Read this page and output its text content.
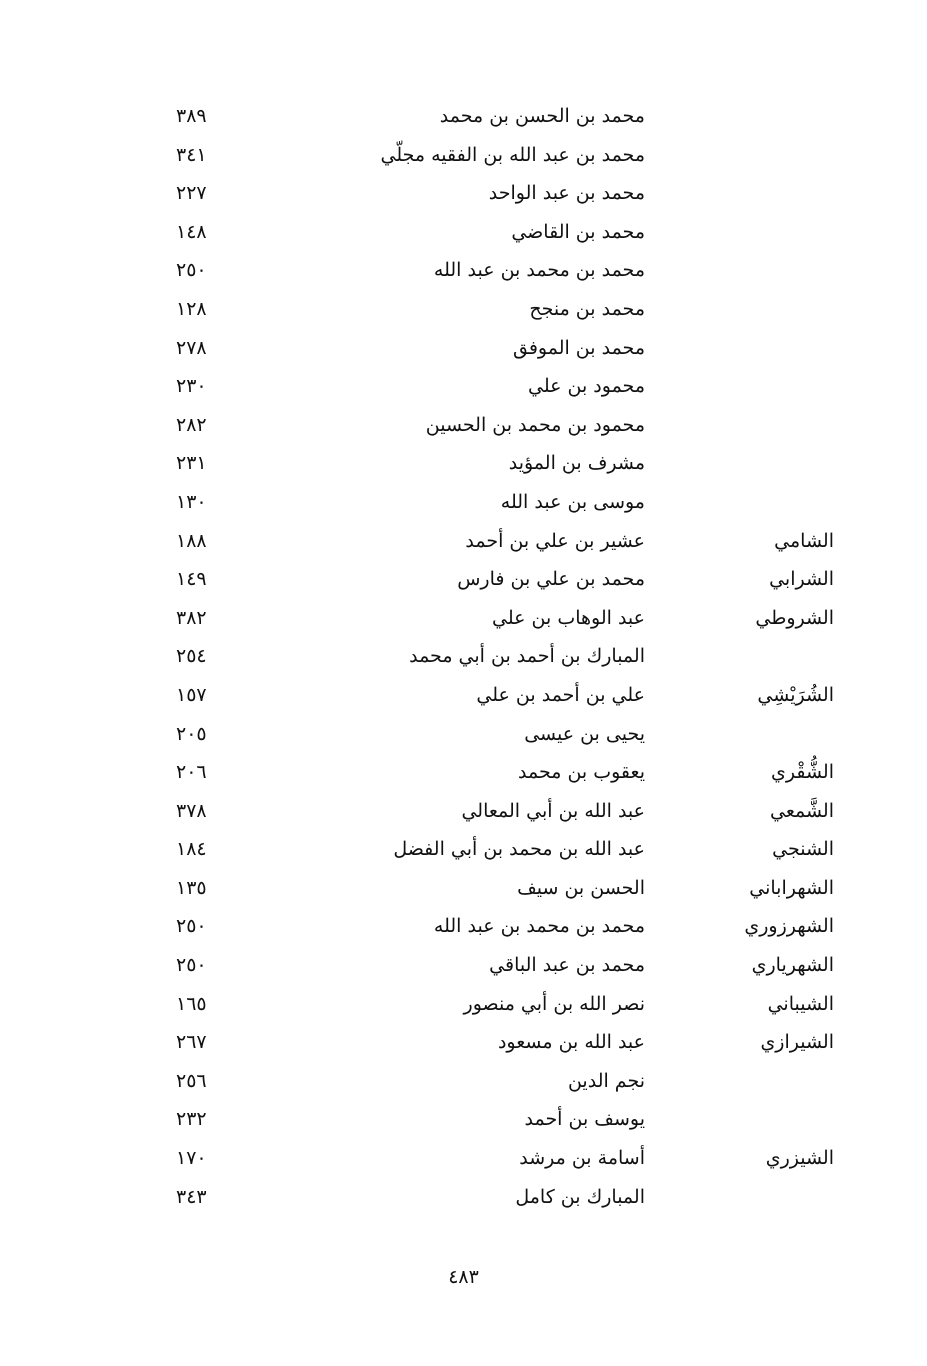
محمد بن الحسن بن محمد
٣٨٩
محمد بن عبد الله بن الفقيه مجلّي
٣٤١
محمد بن عبد الواحد
٢٢٧
محمد بن القاضي
١٤٨
محمد بن محمد بن عبد الله
٢٥٠
محمد بن منجح
١٢٨
محمد بن الموفق
٢٧٨
محمود بن علي
٢٣٠
محمود بن محمد بن الحسين
٢٨٢
مشرف بن المؤيد
٢٣١
موسى بن عبد الله
١٣٠
الشامي
عشير بن علي بن أحمد
١٨٨
الشرابي
محمد بن علي بن فارس
١٤٩
الشروطي
عبد الوهاب بن علي
٣٨٢
المبارك بن أحمد بن أبي محمد
٢٥٤
الشُرَيْشِي
علي بن أحمد بن علي
١٥٧
يحيى بن عيسى
٢٠٥
الشُّقْري
يعقوب بن محمد
٢٠٦
الشَّمعي
عبد الله بن أبي المعالي
٣٧٨
الشنجي
عبد الله بن محمد بن أبي الفضل
١٨٤
الشهراباني
الحسن بن سيف
١٣٥
الشهرزوري
محمد بن محمد بن عبد الله
٢٥٠
الشهرياري
محمد بن عبد الباقي
٢٥٠
الشيباني
نصر الله بن أبي منصور
١٦٥
الشيرازي
عبد الله بن مسعود
٢٦٧
نجم الدين
٢٥٦
يوسف بن أحمد
٢٣٢
الشيزري
أسامة بن مرشد
١٧٠
المبارك بن كامل
٣٤٣
٤٨٣
